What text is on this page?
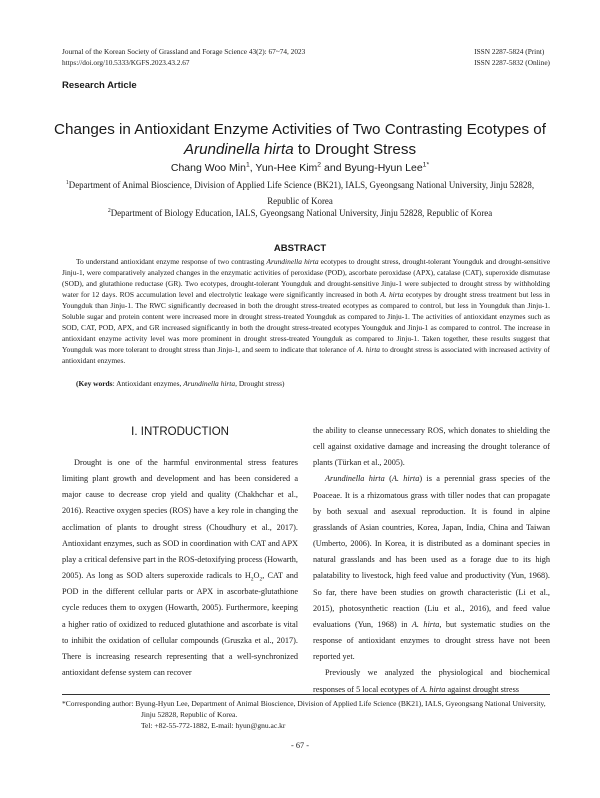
Journal of the Korean Society of Grassland and Forage Science 43(2): 67~74, 2023
https://doi.org/10.5333/KGFS.2023.43.2.67
ISSN 2287-5824 (Print)
ISSN 2287-5832 (Online)
Research Article
Changes in Antioxidant Enzyme Activities of Two Contrasting Ecotypes of
Arundinella hirta to Drought Stress
Chang Woo Min$^1$, Yun-Hee Kim$^2$ and Byung-Hyun Lee$^{1*}$
$^1$Department of Animal Bioscience, Division of Applied Life Science (BK21), IALS, Gyeongsang National University, Jinju 52828, Republic of Korea
$^2$Department of Biology Education, IALS, Gyeongsang National University, Jinju 52828, Republic of Korea
ABSTRACT

To understand antioxidant enzyme response of two contrasting Arundinella hirta ecotypes to drought stress, drought-tolerant Youngduk and drought-sensitive Jinju-1, were comparatively analyzed changes in the enzymatic activities of peroxidase (POD), ascorbate peroxidase (APX), catalase (CAT), superoxide dismutase (SOD), and glutathione reductase (GR). Two ecotypes, drought-tolerant Youngduk and drought-sensitive Jinju-1 were subjected to drought stress by withholding water for 12 days. ROS accumulation level and electrolytic leakage were significantly increased in both A. hirta ecotypes by drought stress treatment but less in Youngduk than Jinju-1. The RWC significantly decreased in both the drought stress-treated ecotypes as compared to control, but less in Youngduk than Jinju-1. Soluble sugar and protein content were increased more in drought stress-treated Youngduk as compared to Jinju-1. The activities of antioxidant enzymes such as SOD, CAT, POD, APX, and GR increased significantly in both the drought stress-treated ecotypes Youngduk and Jinju-1 as compared to control. The increase in antioxidant enzyme activity level was more prominent in drought stress-treated Youngduk as compared to Jinju-1. Taken together, these results suggest that Youngduk was more tolerant to drought stress than Jinju-1, and seem to indicate that tolerance of A. hirta to drought stress is associated with increased activity of antioxidant enzymes.

(Key words: Antioxidant enzymes, Arundinella hirta, Drought stress)
Ⅰ. INTRODUCTION

Drought is one of the harmful environmental stress features limiting plant growth and development and has been considered a major cause to decrease crop yield and quality (Chakhchar et al., 2016). Reactive oxygen species (ROS) have a key role in changing the acclimation of plants to drought stress (Choudhury et al., 2017). Antioxidant enzymes, such as SOD in coordination with CAT and APX play a critical defensive part in the ROS-detoxifying process (Howarth, 2005). As long as SOD alters superoxide radicals to $H_2O_2$, CAT and POD in the different cellular parts or APX in ascorbate-glutathione cycle reduces them to oxygen (Howarth, 2005). Furthermore, keeping a higher ratio of oxidized to reduced glutathione and ascorbate is vital to inhibit the oxidation of cellular compounds (Gruszka et al., 2017). There is increasing research representing that a well-synchronized antioxidant defense system can recover

the ability to cleanse unnecessary ROS, which donates to shielding the cell against oxidative damage and increasing the drought tolerance of plants (Türkan et al., 2005).

Arundinella hirta (A. hirta) is a perennial grass species of the Poaceae. It is a rhizomatous grass with tiller nodes that can propagate by both sexual and asexual reproduction. It is found in alpine grasslands of Asian countries, Korea, Japan, India, China and Taiwan (Umberto, 2006). In Korea, it is distributed as a dominant species in natural grasslands and has been used as a forage due to its high palatability to livestock, high feed value and productivity (Yun, 1968). So far, there have been studies on growth characteristic (Li et al., 2015), photosynthetic reaction (Liu et al., 2016), and feed value evaluations (Yun, 1968) in A. hirta, but systematic studies on the response of antioxidant enzymes to drought stress have not been reported yet.

Previously we analyzed the physiological and biochemical responses of 5 local ecotypes of A. hirta against drought stress

*Corresponding author: Byung-Hyun Lee, Department of Animal Bioscience, Division of Applied Life Science (BK21), IALS, Gyeongsang National University, Jinju 52828, Republic of Korea.
Tel: +82-55-772-1882, E-mail: hyun@gnu.ac.kr
- 67 -
